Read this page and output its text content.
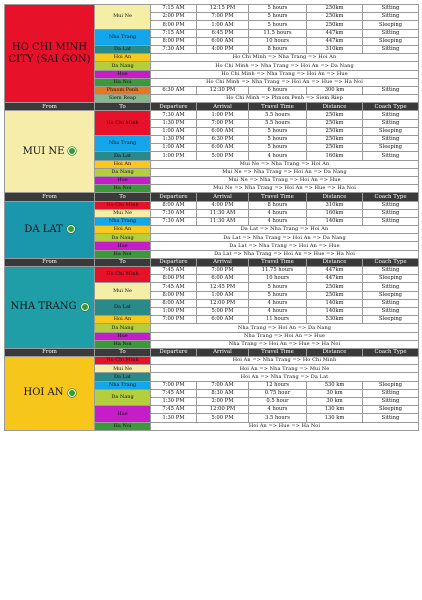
HO CHI MINH CITY (SAI GON)	Mui Ne	7:15 AM	12:15 PM	5 hours	250km	Sitting
		2:00 PM	7:00 PM	5 hours	250km	Sitting
		8:00 PM	1:00 AM	5 hours	250km	Sleeping
	Nha Trang	7:15 AM	6:45 PM	11.5 hours	447km	Sitting
		8:00 PM	6:00 AM	10 hours	447km	Sleeping
	Da Lat	7:30 AM	4:00 PM	8 hours	310km	Sitting
	Hoi An	Ho Chi Minh => Nha Trang => Hoi An				
	Da Nang	Ho Chi Minh => Nha Trang => Hoi An => Da Nang				
	Hue	Ho Chi Minh => Nha Trang => Hoi An => Hue				
	Ha Noi	Ho Chi Minh => Nha Trang => Hoi An => Hue => Ha Noi				
	Phnom Penh	6:30 AM	12:30 PM	6 hours	300 km	Sitting
	Siem Reap	Ho Chi Minh => Phnom Penh => Siem Riep				
From	To	Departure	Arrival	Travel Time	Distance	Coach Type
MUI NE	Ho Chi Minh	7:30 AM	1:00 PM	5.5 hours	250km	Sitting
		1:30 PM	7:00 PM	5.5 hours	250km	Sitting
		1:00 AM	6:00 AM	5 hours	250km	Sleeping
	Nha Trang	1:30 PM	6:30 PM	5 hours	250km	Sitting
		1:00 AM	6:00 AM	5 hours	250km	Sleeping
	Da Lat	1:00 PM	5:00 PM	4 hours	160km	Sitting
	Hoi An	Mui Ne => Nha Trang => Hoi An				
	Da Nang	Mui Ne => Nha Trang => Hoi An => Da Nang				
	Hue	Mui Ne => Nha Trang => Hoi An => Hue				
	Ha Noi	Mui Ne => Nha Trang => Hoi An => Hue => Ha Noi				
From	To	Departure	Arrival	Travel Time	Distance	Coach Type
DA LAT	Ho Chi Minh	8:00 AM	4:00 PM	8 hours	310km	Sitting
	Mui Ne	7:30 AM	11:30 AM	4 hours	160km	Sitting
	Nha Trang	7:30 AM	11:30 AM	4 hours	140km	Sitting
	Hoi An	Da Lat => Nha Trang => Hoi An				
	Da Nang	Da Lat => Nha Trang => Hoi An => Da Nang				
	Hue	Da Lat => Nha Trang => Hoi An => Hue				
	Ha Noi	Da Lat => Nha Trang => Hoi An => Hue => Ha Noi				
From	To	Departure	Arrival	Travel Time	Distance	Coach Type
NHA TRANG	Ho Chi Minh	7:45 AM	7:00 PM	11.75 hours	447km	Sitting
		8:00 PM	6:00 AM	10 hours	447km	Sleeping
	Mui Ne	7:45 AM	12:45 PM	5 hours	250km	Sitting
		8:00 PM	1:00 AM	5 hours	250km	Sleeping
	Da Lat	8:00 AM	12:00 PM	4 hours	140km	Sitting
		1:00 PM	5:00 PM	4 hours	140km	Sitting
	Hoi An	7:00 PM	6:00 AM	11 hours	530km	Sleeping
	Da Nang	Nha Trang => Hoi An => Da Nang				
	Hue	Nha Trang => Hoi An => Hue				
	Ha Noi	Nha Trang => Hoi An => Hue => Ha Noi				
From	To	Departure	Arrival	Travel Time	Distance	Coach Type
HOI AN	Ho Chi Minh	Hoi An => Nha Trang => Ho Chi Minh				
	Mui Ne	Hoi An => Nha Trang => Mui Ne				
	Da Lat	Hoi An => Nha Trang => Da Lat				
	Nha Trang	7:00 PM	7:00 AM	12 hours	530 km	Sleeping
	Da Nang	7:45 AM	8:30 AM	0.75 hour	30 km	Sitting
		1:30 PM	2:00 PM	0.5 hour	30 km	Sitting
	Hue	7:45 AM	12:00 PM	4 hours	130 km	Sleeping
		1:30 PM	5:00 PM	3.5 hours	130 km	Sitting
	Ha Noi	Hoi An => Hue => Ha Noi				
